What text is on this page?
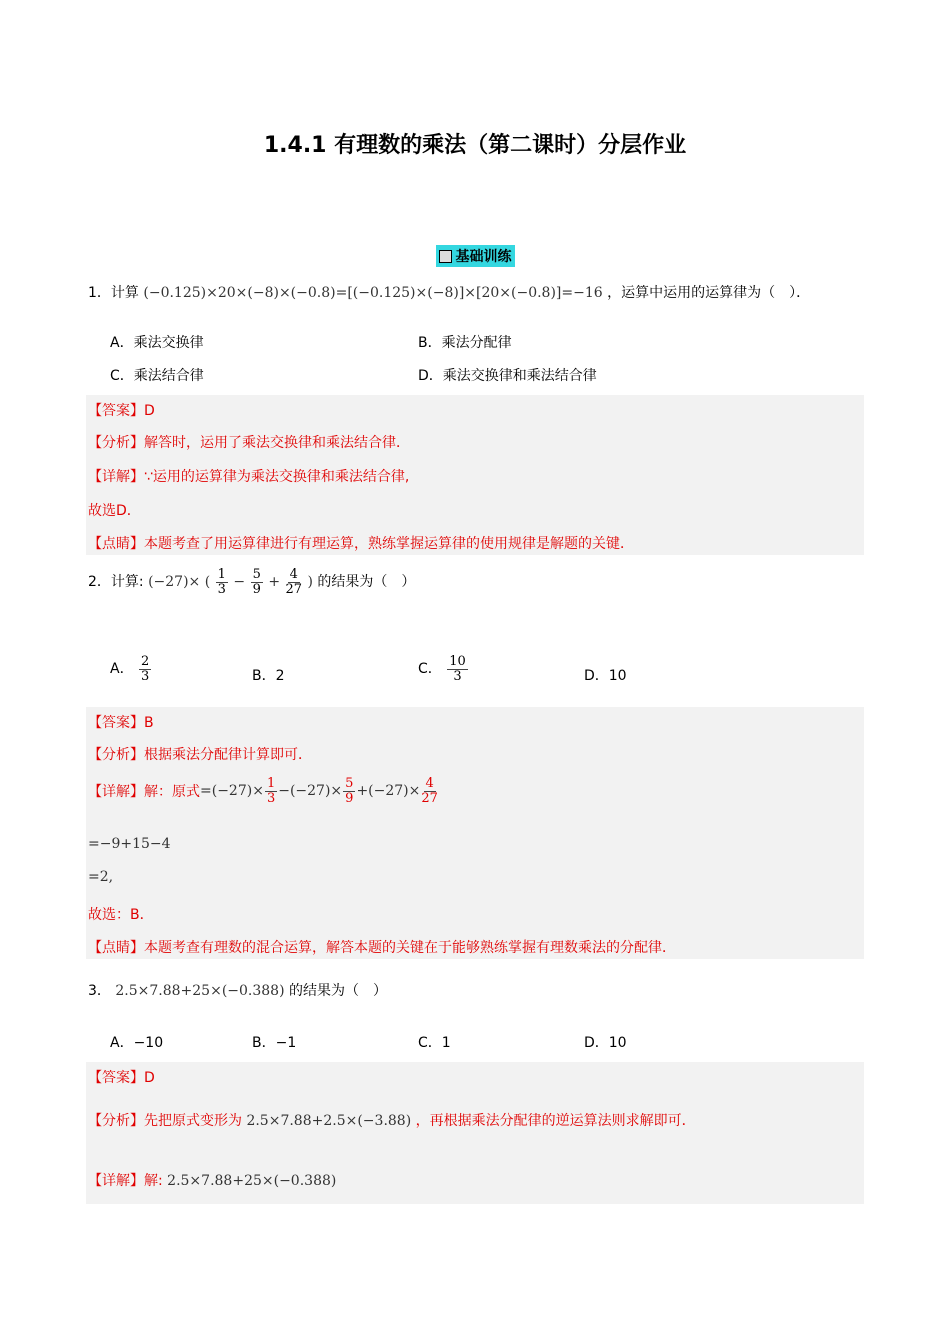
1.4.1 有理数的乘法（第二课时）分层作业
基础训练
1．计算 (−0.125)×20×(−8)×(−0.8)=[(−0.125)×(−8)]×[20×(−0.8)]=−16 ，运算中运用的运算律为（　）．
A．乘法交换律	B．乘法分配律
C．乘法结合律	D．乘法交换律和乘法结合律
【答案】D
【分析】解答时，运用了乘法交换律和乘法结合律．
【详解】∵运用的运算律为乘法交换律和乘法结合律,
故选D．
【点睛】本题考查了用运算律进行有理运算，熟练掌握运算律的使用规律是解题的关键．
2．计算: (−27)× ( $\frac{1}{3} - \frac{5}{9} + \frac{4}{27}$ ) 的结果为（　）
A． $\frac{2}{3}$	B．2	C． $\frac{10}{3}$	D．10
【答案】B
【分析】根据乘法分配律计算即可．
【详解】解：原式 $=(-27)\times \frac{1}{3} -(-27)\times \frac{5}{9} +(-27)\times \frac{4}{27}$
=−9+15−4
=2,
故选：B．
【点睛】本题考查有理数的混合运算，解答本题的关键在于能够熟练掌握有理数乘法的分配律．
3． 2.5×7.88+25×(−0.388) 的结果为（　）
A．−10	B．−1	C．1	D．10
【答案】D
【分析】先把原式变形为 2.5×7.88+2.5×(−3.88) ，再根据乘法分配律的逆运算法则求解即可．
【详解】解: 2.5×7.88+25×(−0.388)
